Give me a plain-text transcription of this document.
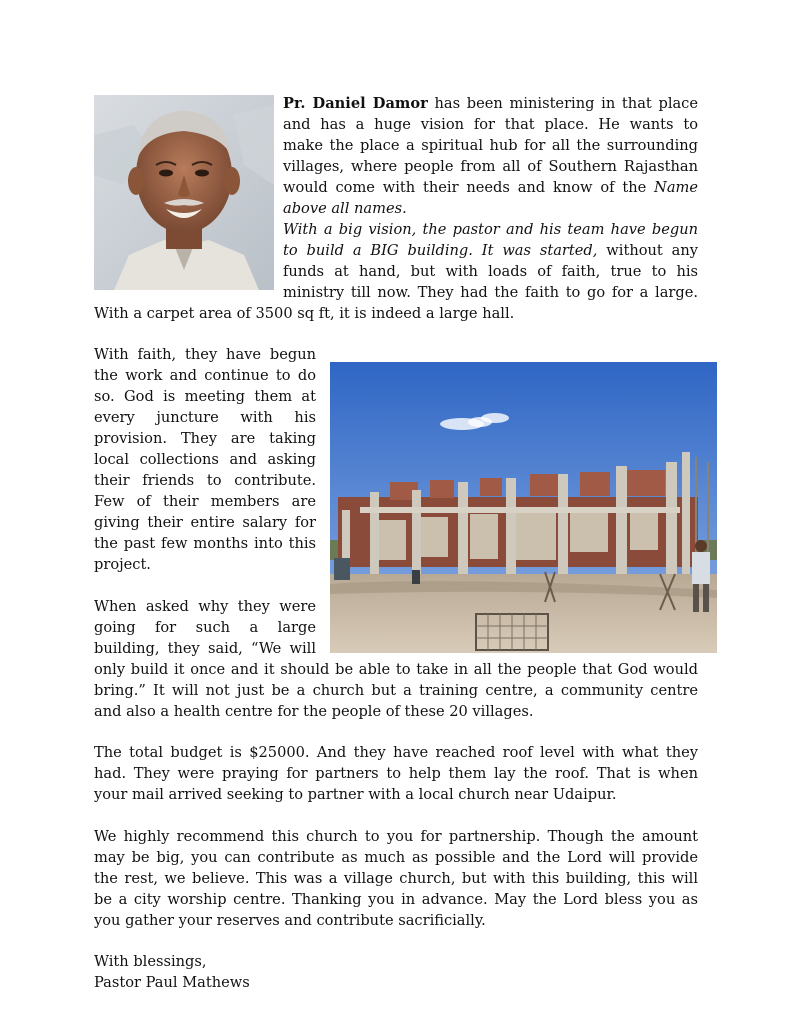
Pr. Daniel Damor has been ministering in that place
and has a huge vision for that place. He wants to
make the place a spiritual hub for all the surrounding
villages, where people from all of Southern Rajasthan
would come with their needs and know of the Name
above all names.
With a big vision, the pastor and his team have begun
to build a BIG building. It was started, without any
funds at hand, but with loads of faith, true to his
ministry till now. They had the faith to go for a large.
With a carpet area of 3500 sq ft, it is indeed a large hall.
With faith, they have begun
the work and continue to do
so. God is meeting them at
every juncture with his
provision. They are taking
local collections and asking
their friends to contribute.
Few of their members are
giving their entire salary for
the past few months into this
project.
When asked why they were
going for such a large
building, they said, “We will
only build it once and it should be able to take in all the people that God would
bring.” It will not just be a church but a training centre, a community centre
and also a health centre for the people of these 20 villages.
The total budget is $25000. And they have reached roof level with what they
had. They were praying for partners to help them lay the roof. That is when
your mail arrived seeking to partner with a local church near Udaipur.
We highly recommend this church to you for partnership. Though the amount
may be big, you can contribute as much as possible and the Lord will provide
the rest, we believe. This was a village church, but with this building, this will
be a city worship centre. Thanking you in advance. May the Lord bless you as
you gather your reserves and contribute sacrificially.
With blessings,
Pastor Paul Mathews
